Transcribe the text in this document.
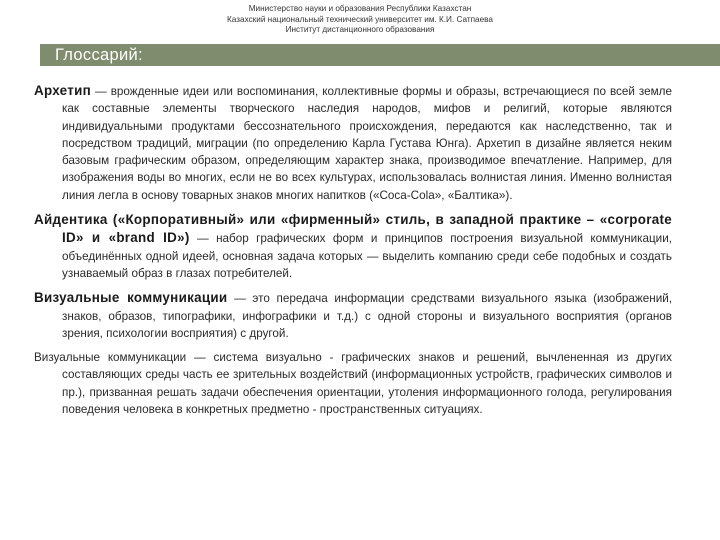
Министерство науки и образования Республики Казахстан
Казахский национальный технический университет им. К.И. Сатпаева
Институт дистанционного образования
Глоссарий:

Архетип — врожденные идеи или воспоминания, коллективные формы и образы, встречающиеся по всей земле как составные элементы творческого наследия народов, мифов и религий, которые являются индивидуальными продуктами бессознательного происхождения, передаются как наследственно, так и посредством традиций, миграции (по определению Карла Густава Юнга). Архетип в дизайне является неким базовым графическим образом, определяющим характер знака, производимое впечатление. Например, для изображения воды во многих, если не во всех культурах, использовалась волнистая линия. Именно волнистая линия легла в основу товарных знаков многих напитков («Coca-Cola», «Балтика»).

Айдентика («Корпоративный» или «фирменный» стиль, в западной практике – «corporate ID» и «brand ID») — набор графических форм и принципов построения визуальной коммуникации, объединённых одной идеей, основная задача которых — выделить компанию среди себе подобных и создать узнаваемый образ в глазах потребителей.

Визуальные коммуникации — это передача информации средствами визуального языка (изображений, знаков, образов, типографики, инфографики и т.д.) с одной стороны и визуального восприятия (органов зрения, психологии восприятия) с другой.

Визуальные коммуникации — система визуально - графических знаков и решений, вычлененная из других составляющих среды часть ее зрительных воздействий (информационных устройств, графических символов и пр.), призванная решать задачи обеспечения ориентации, утоления информационного голода, регулирования поведения человека в конкретных предметно - пространственных ситуациях.
